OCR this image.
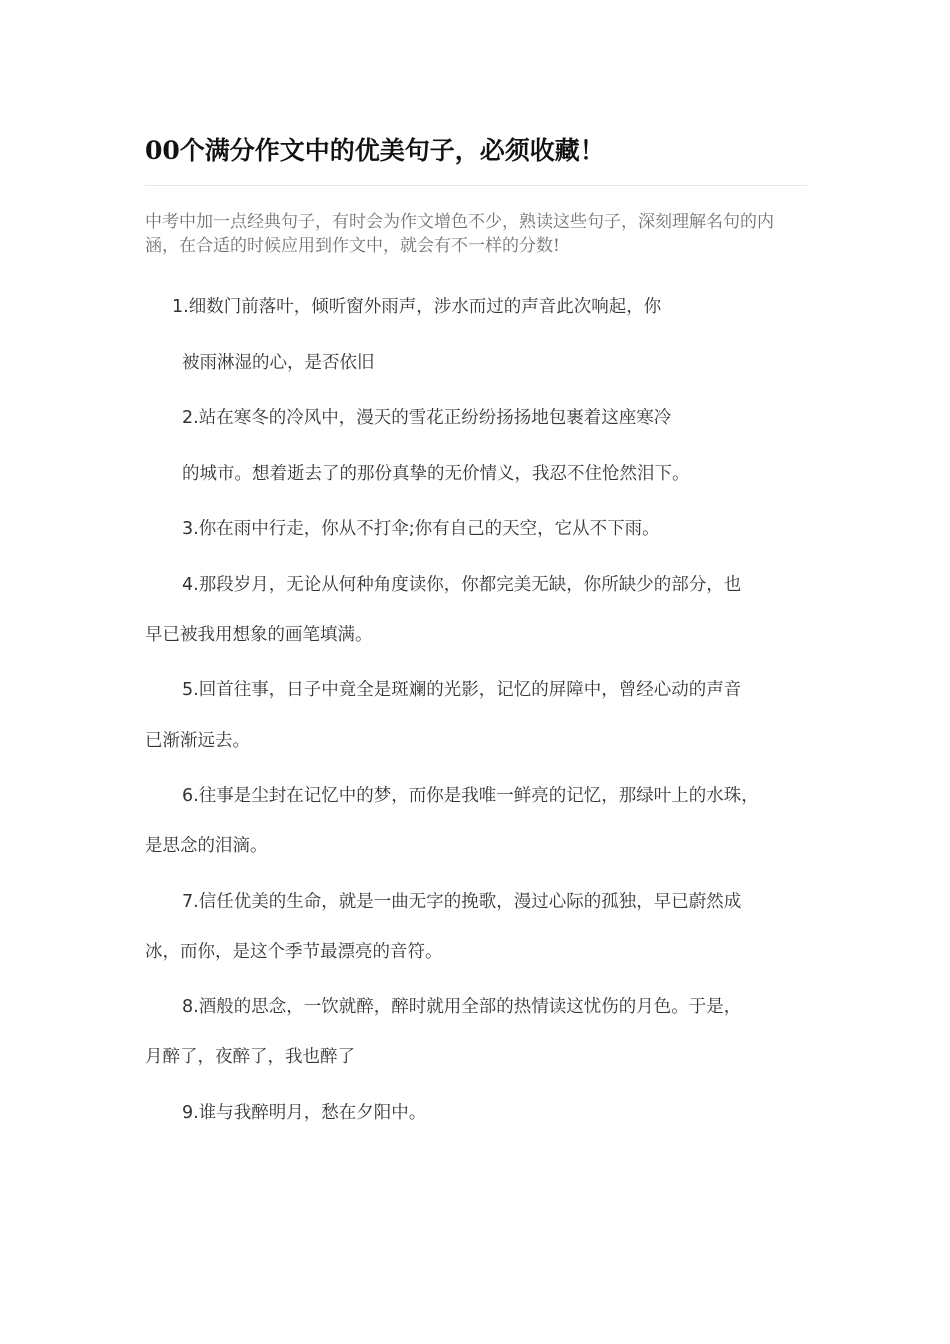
00个满分作文中的优美句子，必须收藏！

中考中加一点经典句子，有时会为作文增色不少，熟读这些句子，深刻理解名句的内涵，在合适的时候应用到作文中，就会有不一样的分数!

1.细数门前落叶，倾听窗外雨声，涉水而过的声音此次响起，你

被雨淋湿的心，是否依旧

2.站在寒冬的冷风中，漫天的雪花正纷纷扬扬地包裹着这座寒冷

的城市。想着逝去了的那份真挚的无价情义，我忍不住怆然泪下。

3.你在雨中行走，你从不打伞;你有自己的天空，它从不下雨。

4.那段岁月，无论从何种角度读你，你都完美无缺，你所缺少的部分，也

早已被我用想象的画笔填满。

5.回首往事，日子中竟全是斑斓的光影，记忆的屏障中，曾经心动的声音

已渐渐远去。

6.往事是尘封在记忆中的梦，而你是我唯一鲜亮的记忆，那绿叶上的水珠，

是思念的泪滴。

7.信任优美的生命，就是一曲无字的挽歌，漫过心际的孤独，早已蔚然成

冰，而你，是这个季节最漂亮的音符。

8.酒般的思念，一饮就醉，醉时就用全部的热情读这忧伤的月色。于是，

月醉了，夜醉了，我也醉了

9.谁与我醉明月，愁在夕阳中。
